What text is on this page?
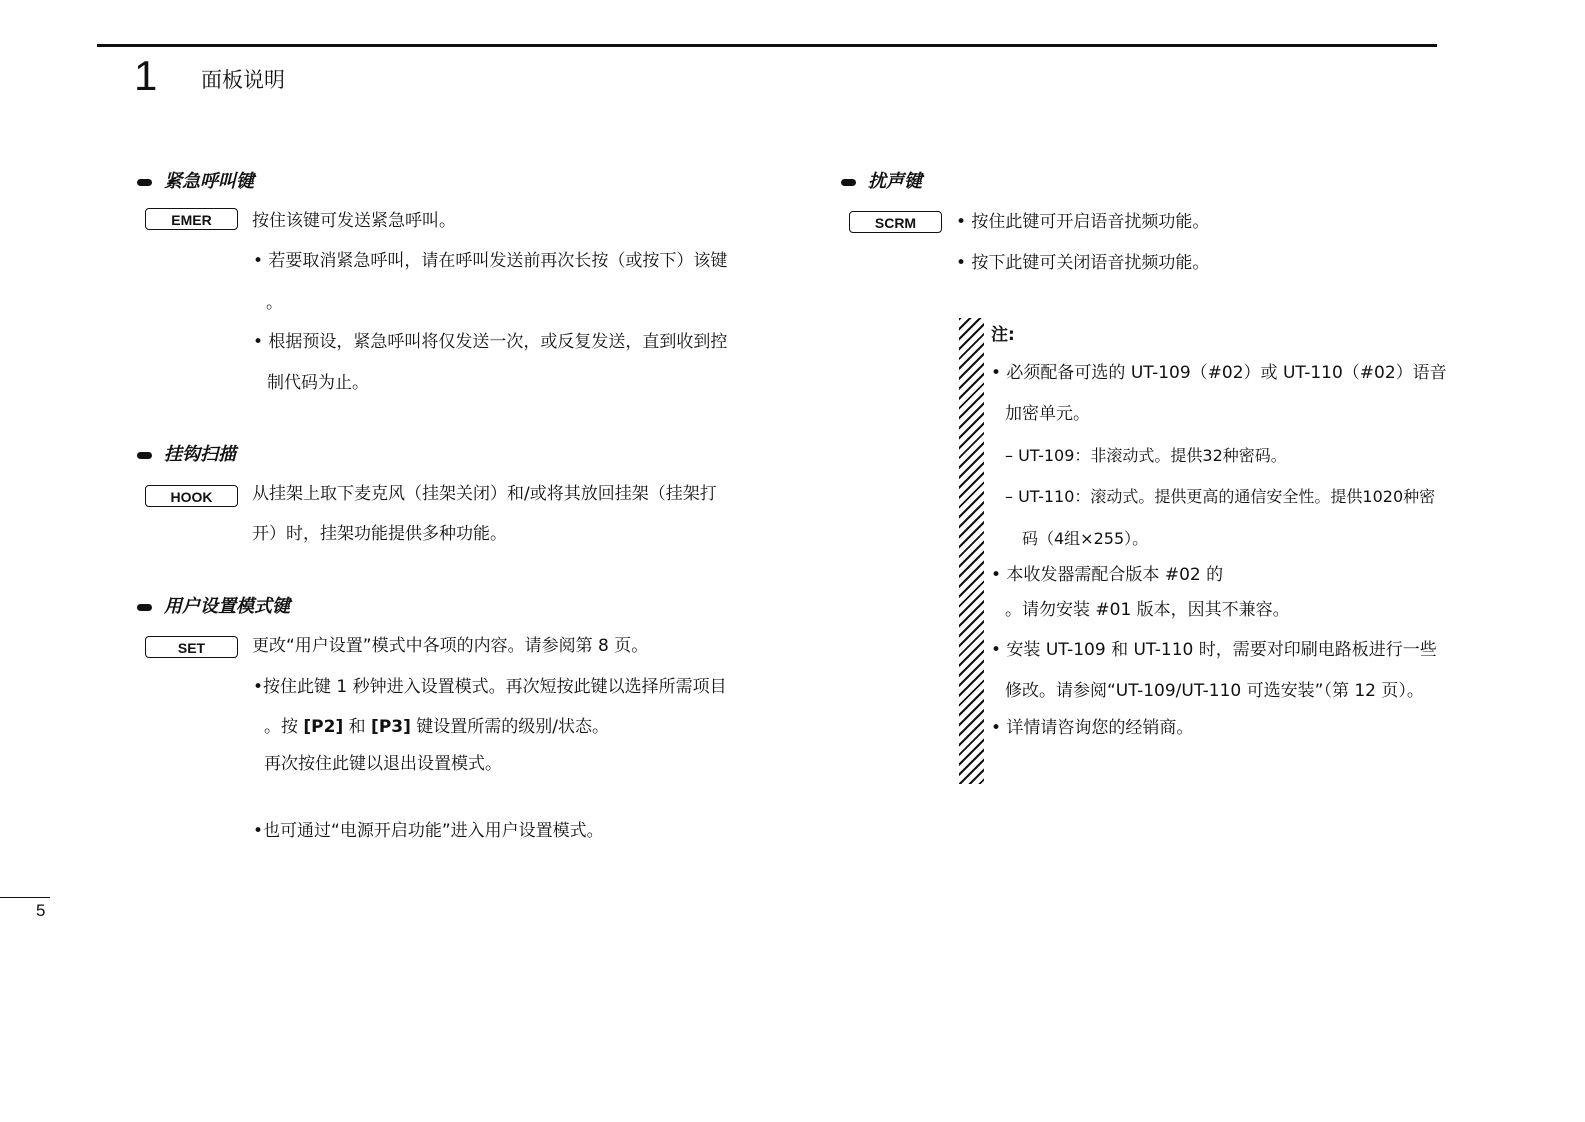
1 面板说明
紧急呼叫键
EMER	按住该键可发送紧急呼叫。
• 若要取消紧急呼叫，请在呼叫发送前再次长按（或按下）该键
。
• 根据预设，紧急呼叫将仅发送一次，或反复发送，直到收到控
制代码为止。
挂钩扫描
HOOK	从挂架上取下麦克风（挂架关闭）和/或将其放回挂架（挂架打
开）时，挂架功能提供多种功能。
用户设置模式键
SET	更改“用户设置”模式中各项的内容。请参阅第 8 页。
•按住此键 1 秒钟进入设置模式。再次短按此键以选择所需项目
。按 [P2] 和 [P3] 键设置所需的级别/状态。
再次按住此键以退出设置模式。
•也可通过“电源开启功能”进入用户设置模式。
扰声键
SCRM	• 按住此键可开启语音扰频功能。
• 按下此键可关闭语音扰频功能。
注:
• 必须配备可选的 UT-109（#02）或 UT-110（#02）语音
加密单元。
– UT-109：非滚动式。提供32种密码。
– UT-110：滚动式。提供更高的通信安全性。提供1020种密
码（4组×255）。
• 本收发器需配合版本 #02 的
。请勿安装 #01 版本，因其不兼容。
• 安装 UT-109 和 UT-110 时，需要对印刷电路板进行一些
修改。请参阅“UT-109/UT-110 可选安装”（第 12 页）。
• 详情请咨询您的经销商。
5
